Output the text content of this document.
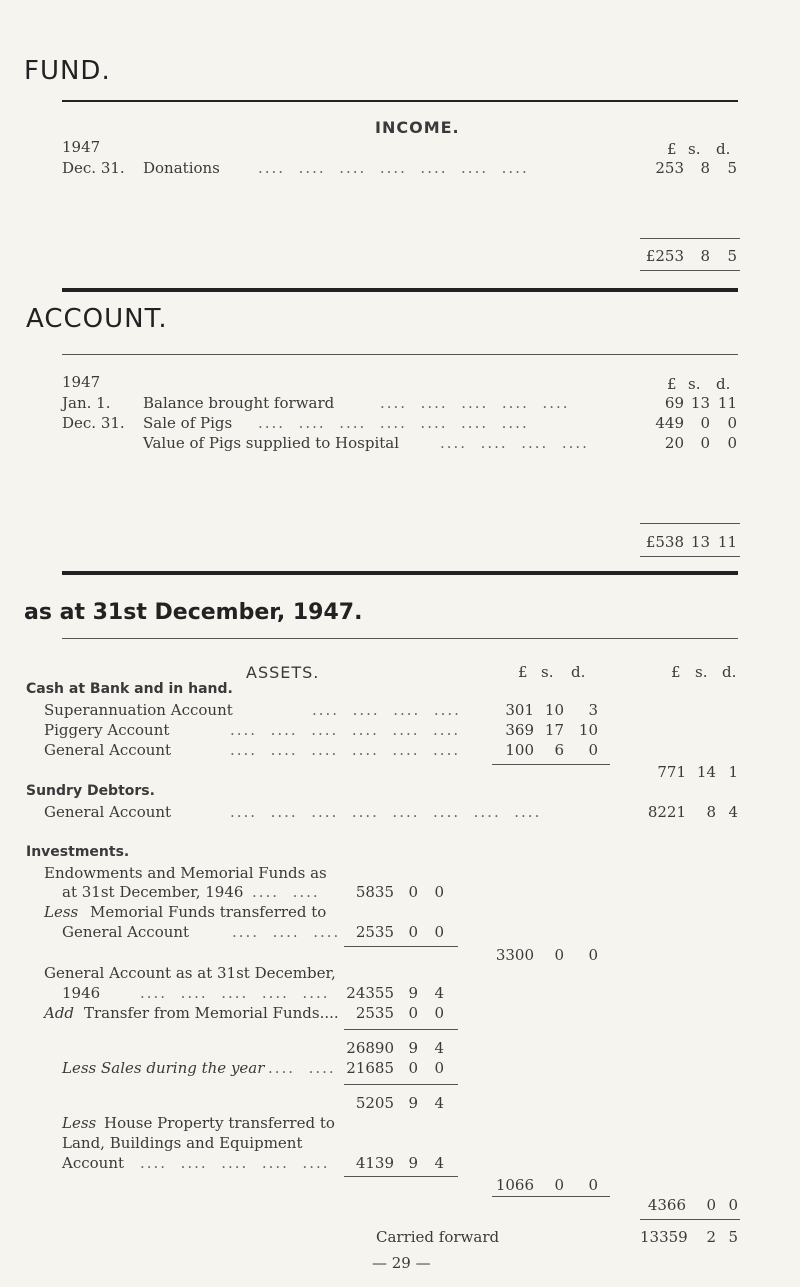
FUND.
INCOME.
1947	£ s. d.
Dec. 31. Donations	....  ....  ....  ....  ....  ....  ....	253	8	5
£253	8	5
ACCOUNT.
1947	£ s. d.
Jan. 1. Balance brought forward	....  ....  ....  ....  ....	69 13 11
Dec. 31. Sale of Pigs ....  ....  ....  ....  ....  ....  ....	449	0	0
Value of Pigs supplied to Hospital	....  ....  ....  ....	20	0	0
£538 13 11
as at 31st December, 1947.
ASSETS.	£ s. d.	£ s. d.
Cash at Bank and in hand.
Superannuation Account	....  ....  ....  ....	301 10	3
Piggery Account	....  ....  ....  ....  ....  ....	369 17 10
General Account	....  ....  ....  ....  ....  ....	100	6	0
771 14 1
Sundry Debtors.
General Account	....  ....  ....  ....  ....  ....  ....  ....	8221	8 4
Investments.
Endowments and Memorial Funds as
at 31st December, 1946 ....  ....	5835 0 0
Less Memorial Funds transferred to
General Account	....  ....  ....	2535 0 0
3300	0	0
General Account as at 31st December,
1946	....  ....  ....  ....  ....	24355 9 4
Add Transfer from Memorial Funds....	2535 0 0
26890 9 4
Less Sales during the year ....  .... 21685 0 0
5205 9 4
Less House Property transferred to
Land, Buildings and Equipment
Account ....  ....  ....  ....  ....	4139 9 4
1066	0	0
4366	0 0
Carried forward	13359	2 5
— 29 —
